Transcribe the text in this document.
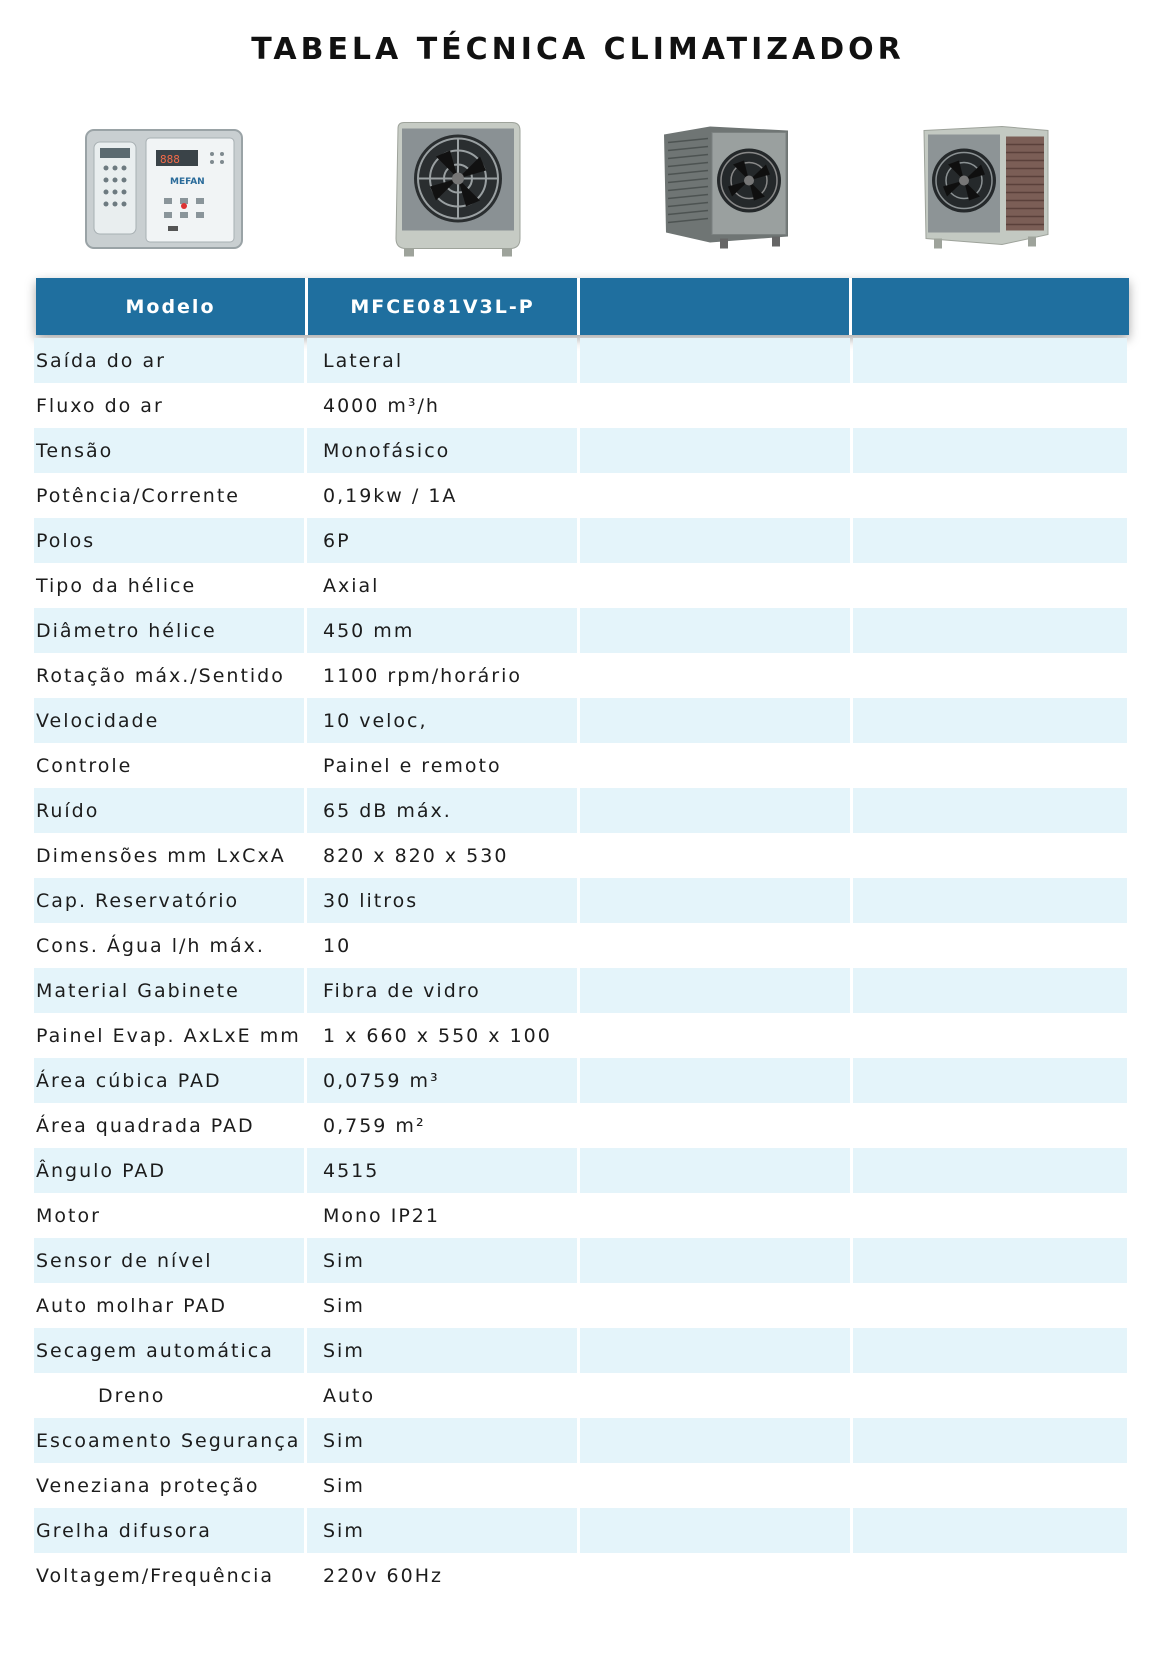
TABELA TÉCNICA CLIMATIZADOR
888
MEFAN
Modelo	MFCE081V3L-P
Saída do ar	Lateral
Fluxo do ar	4000 m³/h
Tensão	Monofásico
Potência/Corrente	0,19kw / 1A
Polos	6P
Tipo da hélice	Axial
Diâmetro hélice	450 mm
Rotação máx./Sentido	1100 rpm/horário
Velocidade	10 veloc,
Controle	Painel e remoto
Ruído	65 dB máx.
Dimensões mm LxCxA	820 x 820 x 530
Cap. Reservatório	30 litros
Cons. Água l/h máx.	10
Material Gabinete	Fibra de vidro
Painel Evap. AxLxE mm	1 x 660 x 550 x 100
Área cúbica PAD	0,0759 m³
Área quadrada PAD	0,759 m²
Ângulo PAD	4515
Motor	Mono IP21
Sensor de nível	Sim
Auto molhar PAD	Sim
Secagem automática	Sim
Dreno	Auto
Escoamento Segurança	Sim
Veneziana proteção	Sim
Grelha difusora	Sim
Voltagem/Frequência	220v 60Hz
